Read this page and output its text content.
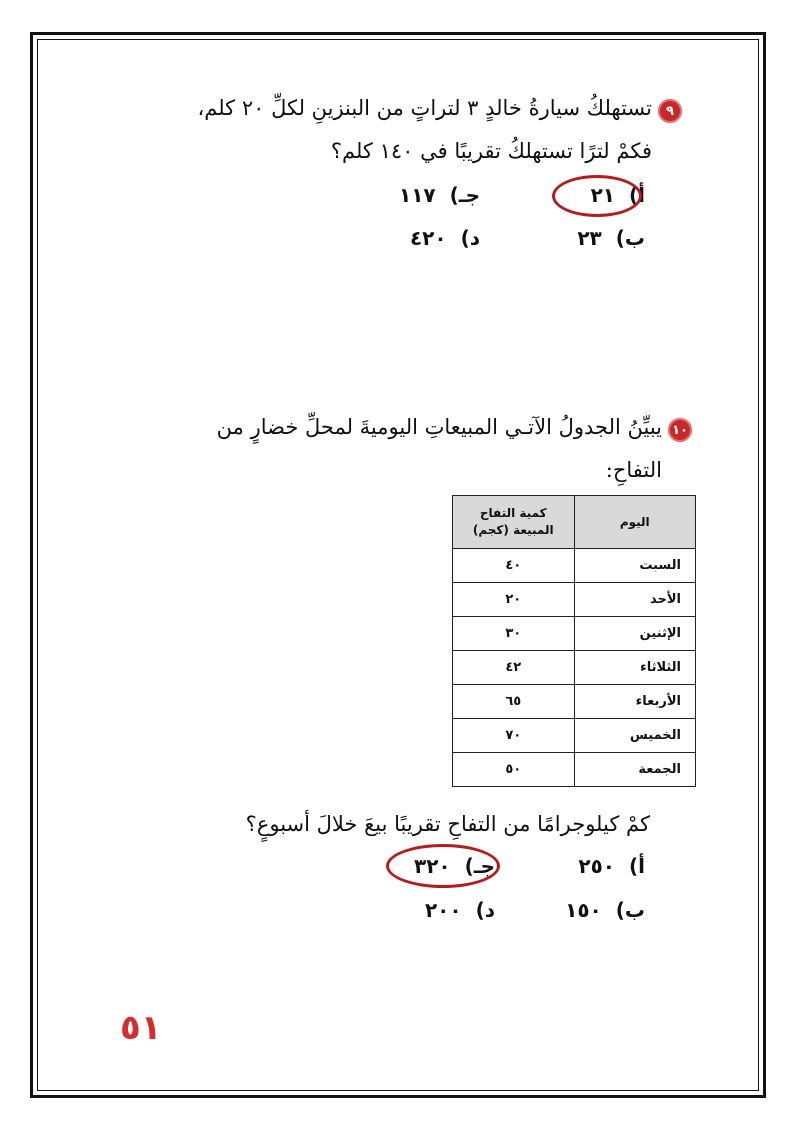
٩
تستهلكُ سيارةُ خالدٍ ٣ لتراتٍ من البنزينِ لكلِّ ٢٠ كلم،
فكمْ لترًا تستهلكُ تقريبًا في ١٤٠ كلم؟
أ)٢١
جـ)١١٧
ب)٢٣
د)٤٢٠
١٠
يبيِّنُ الجدولُ الآتـي المبيعاتِ اليوميةَ لمحلِّ خضارٍ من
التفاحِ:
اليوم	كمية التفاح
المبيعة (كجم)
السبت	٤٠
الأحد	٢٠
الإثنين	٣٠
الثلاثاء	٤٢
الأربعاء	٦٥
الخميس	٧٠
الجمعة	٥٠
كمْ كيلوجرامًا من التفاحِ تقريبًا بيعَ خلالَ أسبوعٍ؟
أ)٢٥٠
جـ)٣٢٠
ب)١٥٠
د)٢٠٠
٥١
